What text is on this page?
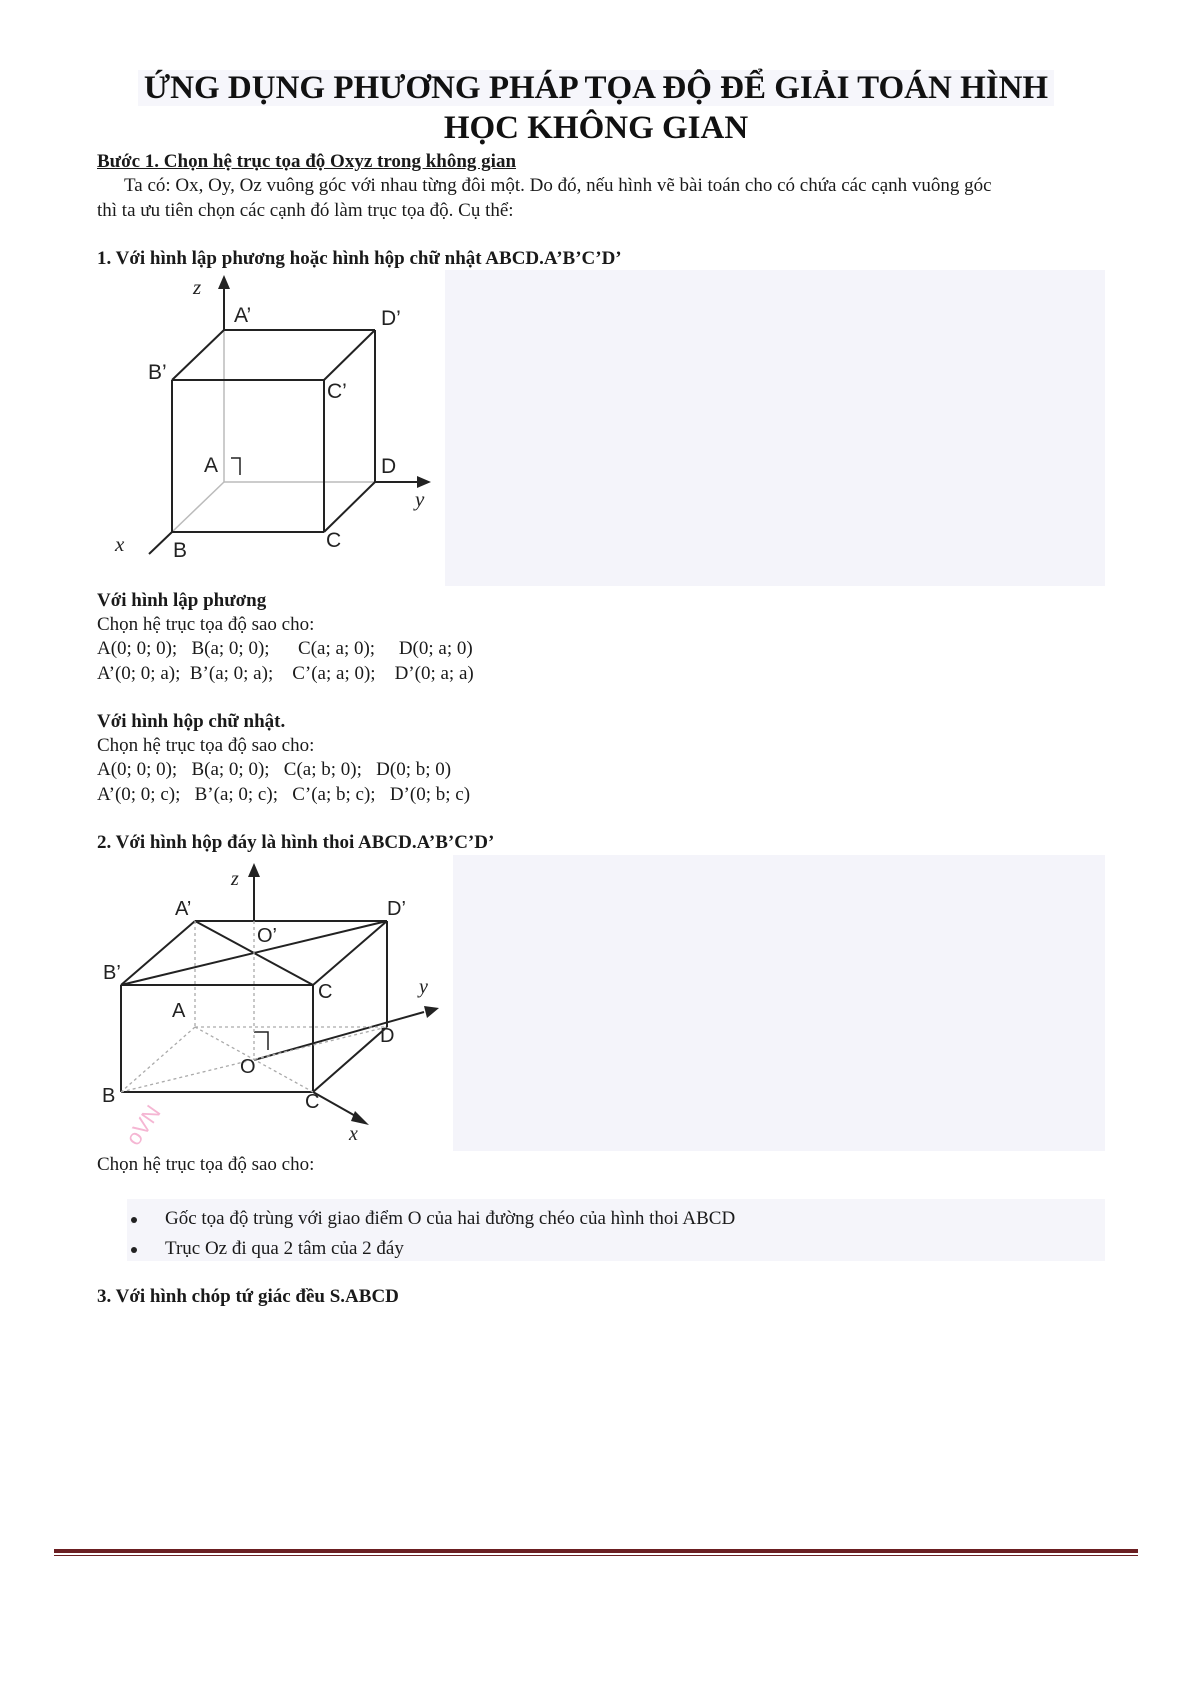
ỨNG DỤNG PHƯƠNG PHÁP TỌA ĐỘ ĐỂ GIẢI TOÁN HÌNH
HỌC KHÔNG GIAN
Bước 1. Chọn hệ trục tọa độ Oxyz trong không gian
Ta có: Ox, Oy, Oz vuông góc với nhau từng đôi một. Do đó, nếu hình vẽ bài toán cho có chứa các cạnh vuông góc
thì ta ưu tiên chọn các cạnh đó làm trục tọa độ. Cụ thể:
1. Với hình lập phương hoặc hình hộp chữ nhật ABCD.A’B’C’D’
z
A’	D’
B’
C’
A	D
y
C
x B
Với hình lập phương
Chọn hệ trục tọa độ sao cho:
A(0; 0; 0);   B(a; 0; 0);      C(a; a; 0);     D(0; a; 0)
A’(0; 0; a);  B’(a; 0; a);    C’(a; a; 0);    D’(0; a; a)
Với hình hộp chữ nhật.
Chọn hệ trục tọa độ sao cho:
A(0; 0; 0);   B(a; 0; 0);   C(a; b; 0);   D(0; b; 0)
A’(0; 0; c);   B’(a; 0; c);   C’(a; b; c);   D’(0; b; c)
2. Với hình hộp đáy là hình thoi ABCD.A’B’C’D’
z
A’	D’
O’
B’
C	y
A
D
O
B	C
x
oVN
Chọn hệ trục tọa độ sao cho:
Gốc tọa độ trùng với giao điểm O của hai đường chéo của hình thoi ABCD
Trục Oz đi qua 2 tâm của 2 đáy
3. Với hình chóp tứ giác đều S.ABCD
